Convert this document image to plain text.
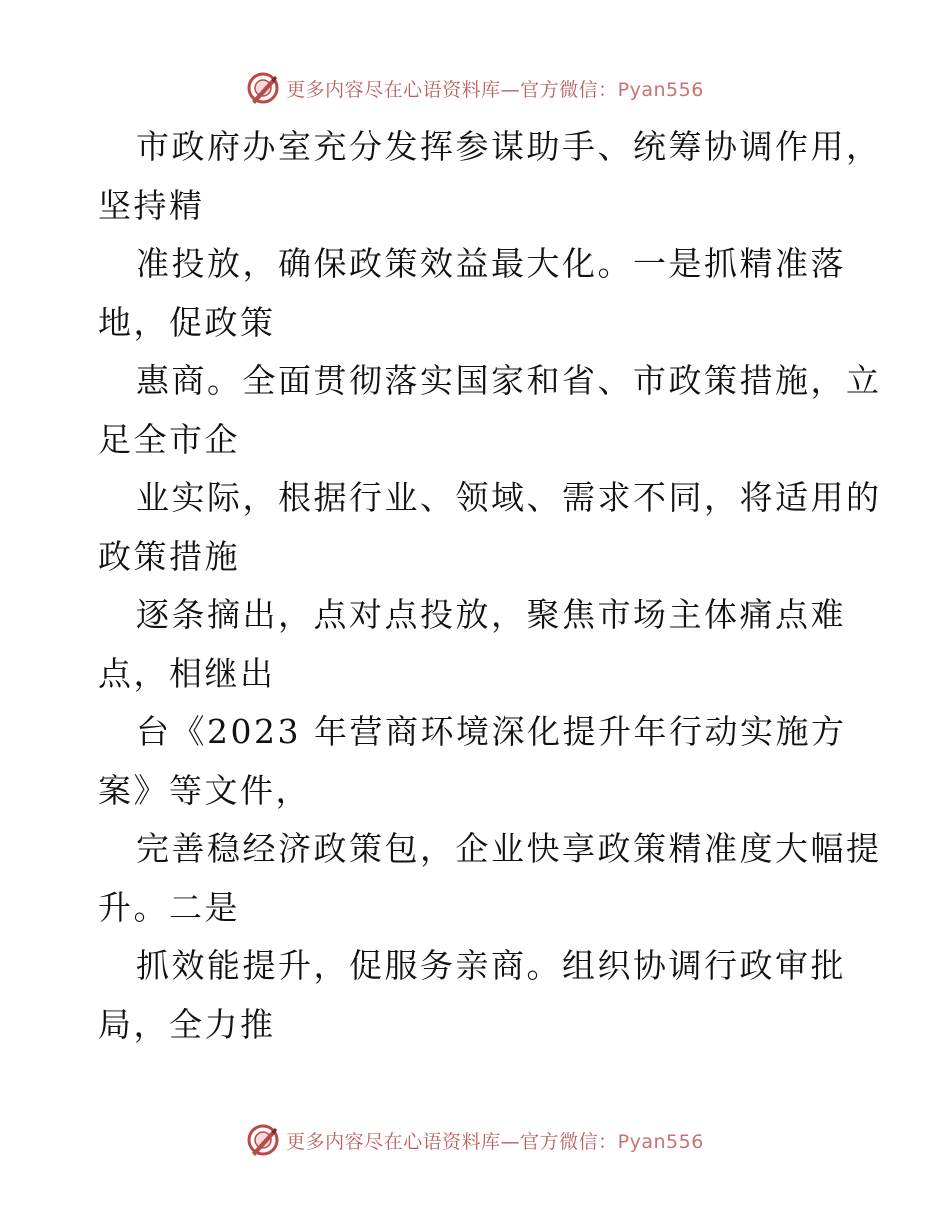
更多内容尽在心语资料库—官方微信：Pyan556
市政府办室充分发挥参谋助手、统筹协调作用，
坚持精
准投放，确保政策效益最大化。一是抓精准落
地，促政策
惠商。全面贯彻落实国家和省、市政策措施，立
足全市企
业实际，根据行业、领域、需求不同，将适用的
政策措施
逐条摘出，点对点投放，聚焦市场主体痛点难
点，相继出
台《2023 年营商环境深化提升年行动实施方
案》等文件，
完善稳经济政策包，企业快享政策精准度大幅提
升。二是
抓效能提升，促服务亲商。组织协调行政审批
局，全力推
更多内容尽在心语资料库—官方微信：Pyan556
